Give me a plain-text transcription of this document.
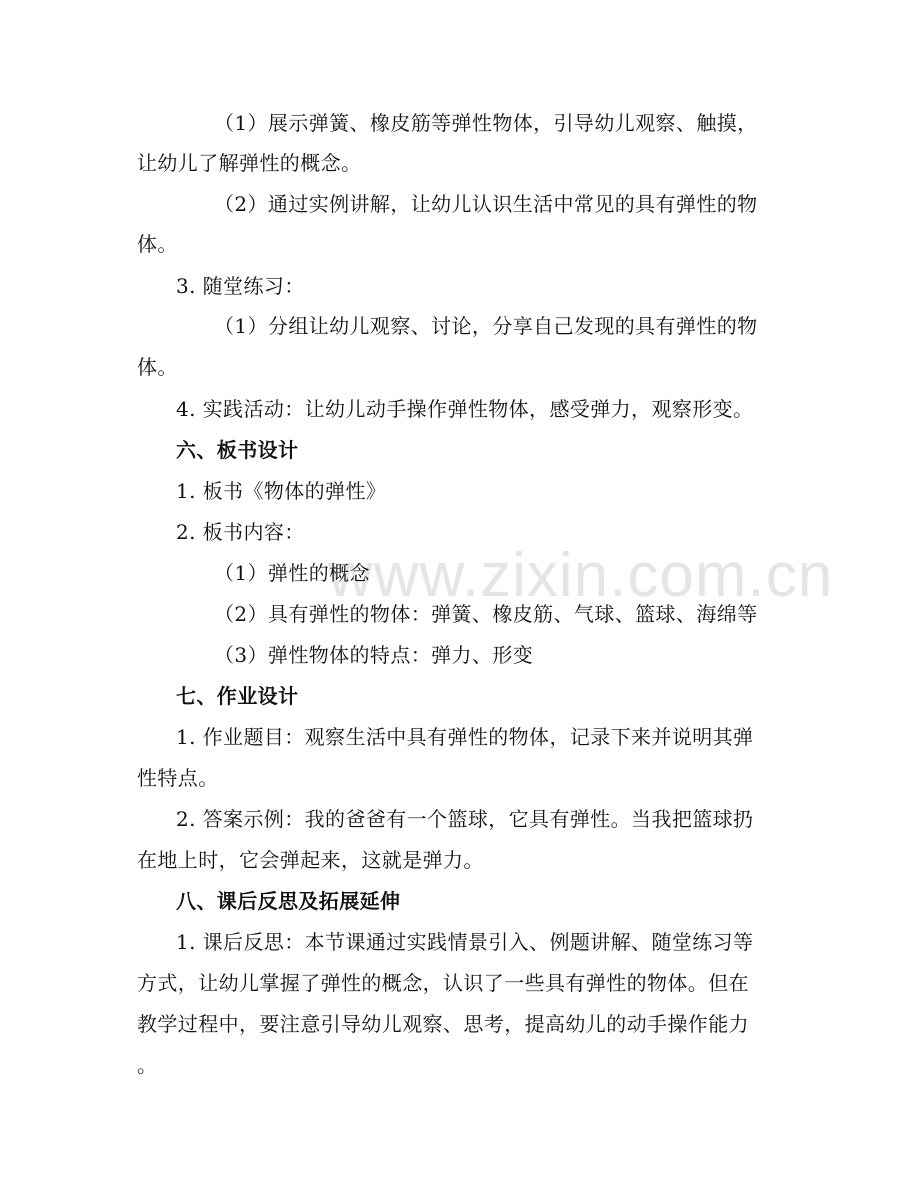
www.zixin.com.cn
（1）展示弹簧、橡皮筋等弹性物体，引导幼儿观察、触摸，
让幼儿了解弹性的概念。
（2）通过实例讲解，让幼儿认识生活中常见的具有弹性的物
体。
3. 随堂练习：
（1）分组让幼儿观察、讨论，分享自己发现的具有弹性的物
体。
4. 实践活动：让幼儿动手操作弹性物体，感受弹力，观察形变。
六、板书设计
1. 板书《物体的弹性》
2. 板书内容：
（1）弹性的概念
（2）具有弹性的物体：弹簧、橡皮筋、气球、篮球、海绵等
（3）弹性物体的特点：弹力、形变
七、作业设计
1. 作业题目：观察生活中具有弹性的物体，记录下来并说明其弹
性特点。
2. 答案示例：我的爸爸有一个篮球，它具有弹性。当我把篮球扔
在地上时，它会弹起来，这就是弹力。
八、课后反思及拓展延伸
1. 课后反思：本节课通过实践情景引入、例题讲解、随堂练习等
方式，让幼儿掌握了弹性的概念，认识了一些具有弹性的物体。但在
教学过程中，要注意引导幼儿观察、思考，提高幼儿的动手操作能力
。
